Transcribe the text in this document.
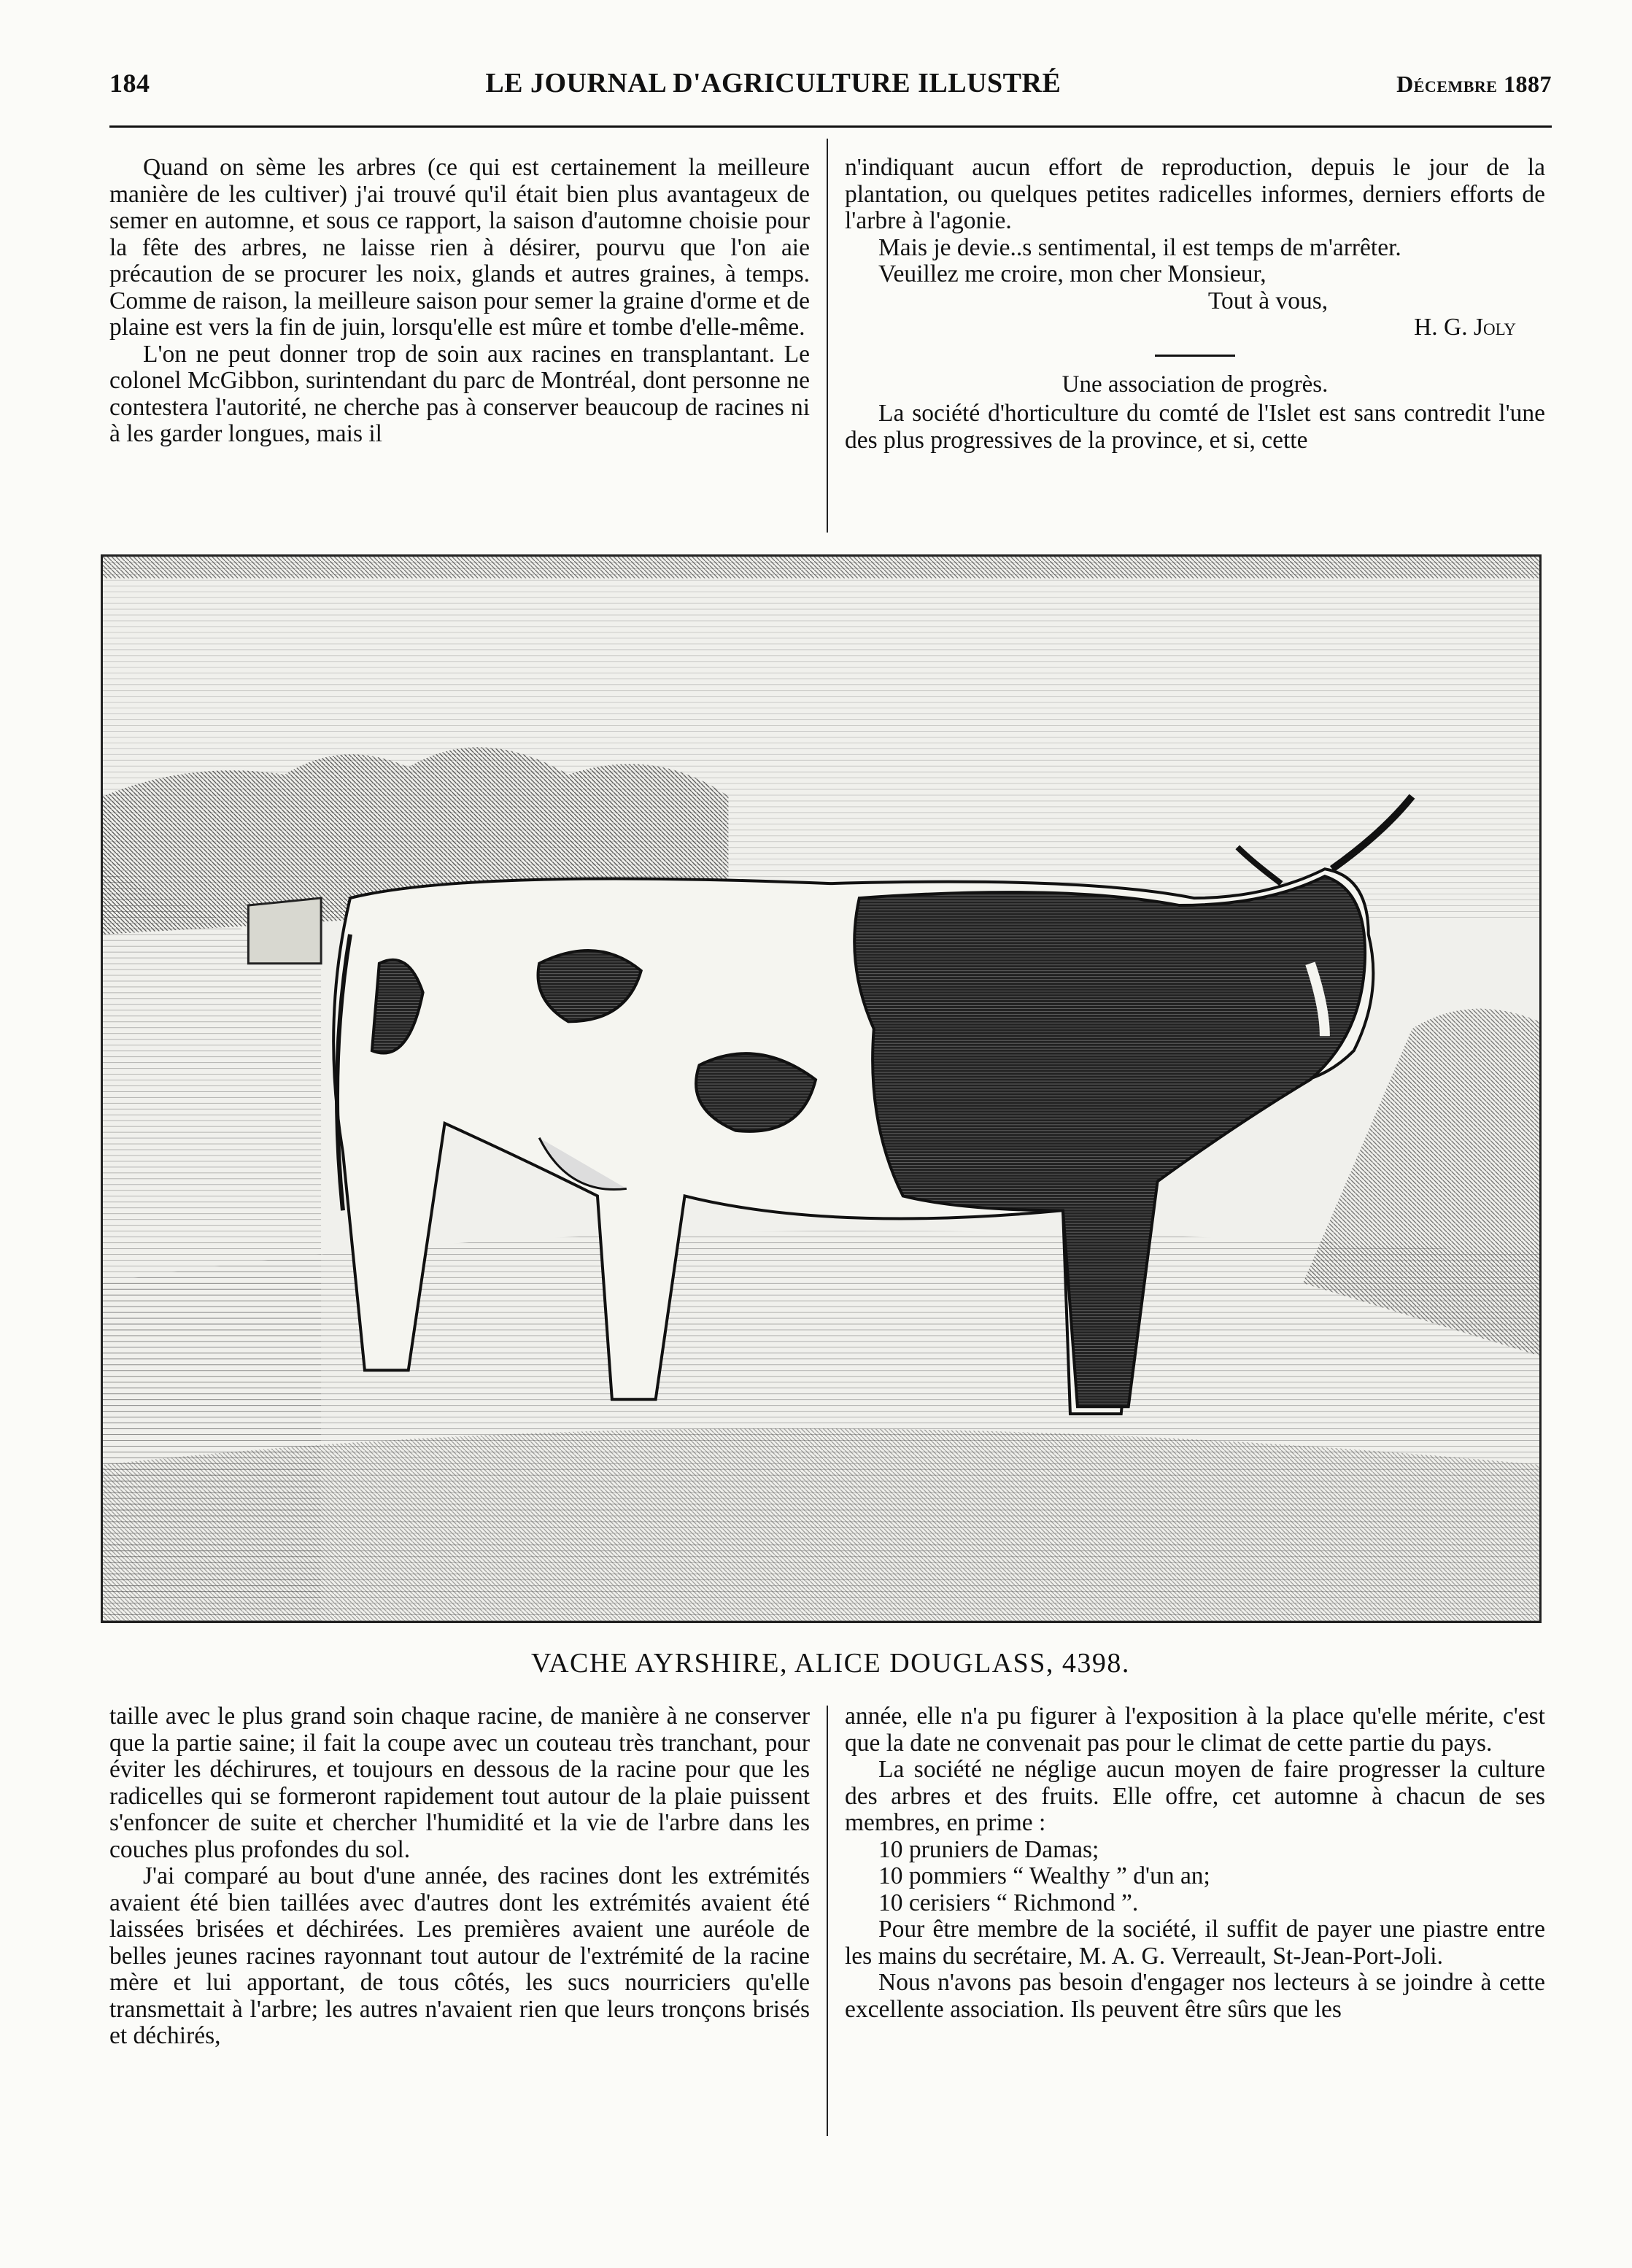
184	LE JOURNAL D'AGRICULTURE ILLUSTRÉ	Décembre 1887

Quand on sème les arbres (ce qui est certainement la meilleure manière de les cultiver) j'ai trouvé qu'il était bien plus avantageux de semer en automne, et sous ce rapport, la saison d'automne choisie pour la fête des arbres, ne laisse rien à désirer, pourvu que l'on aie précaution de se procurer les noix, glands et autres graines, à temps. Comme de raison, la meilleure saison pour semer la graine d'orme et de plaine est vers la fin de juin, lorsqu'elle est mûre et tombe d'elle-même.

L'on ne peut donner trop de soin aux racines en transplantant. Le colonel McGibbon, surintendant du parc de Montréal, dont personne ne contestera l'autorité, ne cherche pas à conserver beaucoup de racines ni à les garder longues, mais il

n'indiquant aucun effort de reproduction, depuis le jour de la plantation, ou quelques petites radicelles informes, derniers efforts de l'arbre à l'agonie.

Mais je devie..s sentimental, il est temps de m'arrêter.

Veuillez me croire, mon cher Monsieur,

Tout à vous,

H. G. Joly

Une association de progrès.

La société d'horticulture du comté de l'Islet est sans contredit l'une des plus progressives de la province, et si, cette

VACHE AYRSHIRE, ALICE DOUGLASS, 4398.

taille avec le plus grand soin chaque racine, de manière à ne conserver que la partie saine; il fait la coupe avec un couteau très tranchant, pour éviter les déchirures, et toujours en dessous de la racine pour que les radicelles qui se formeront rapidement tout autour de la plaie puissent s'enfoncer de suite et chercher l'humidité et la vie de l'arbre dans les couches plus profondes du sol.

J'ai comparé au bout d'une année, des racines dont les extrémités avaient été bien taillées avec d'autres dont les extrémités avaient été laissées brisées et déchirées. Les premières avaient une auréole de belles jeunes racines rayonnant tout autour de l'extrémité de la racine mère et lui apportant, de tous côtés, les sucs nourriciers qu'elle transmettait à l'arbre; les autres n'avaient rien que leurs tronçons brisés et déchirés,

année, elle n'a pu figurer à l'exposition à la place qu'elle mérite, c'est que la date ne convenait pas pour le climat de cette partie du pays.

La société ne néglige aucun moyen de faire progresser la culture des arbres et des fruits. Elle offre, cet automne à chacun de ses membres, en prime :

10 pruniers de Damas;

10 pommiers “ Wealthy ” d'un an;

10 cerisiers “ Richmond ”.

Pour être membre de la société, il suffit de payer une piastre entre les mains du secrétaire, M. A. G. Verreault, St-Jean-Port-Joli.

Nous n'avons pas besoin d'engager nos lecteurs à se joindre à cette excellente association. Ils peuvent être sûrs que les
